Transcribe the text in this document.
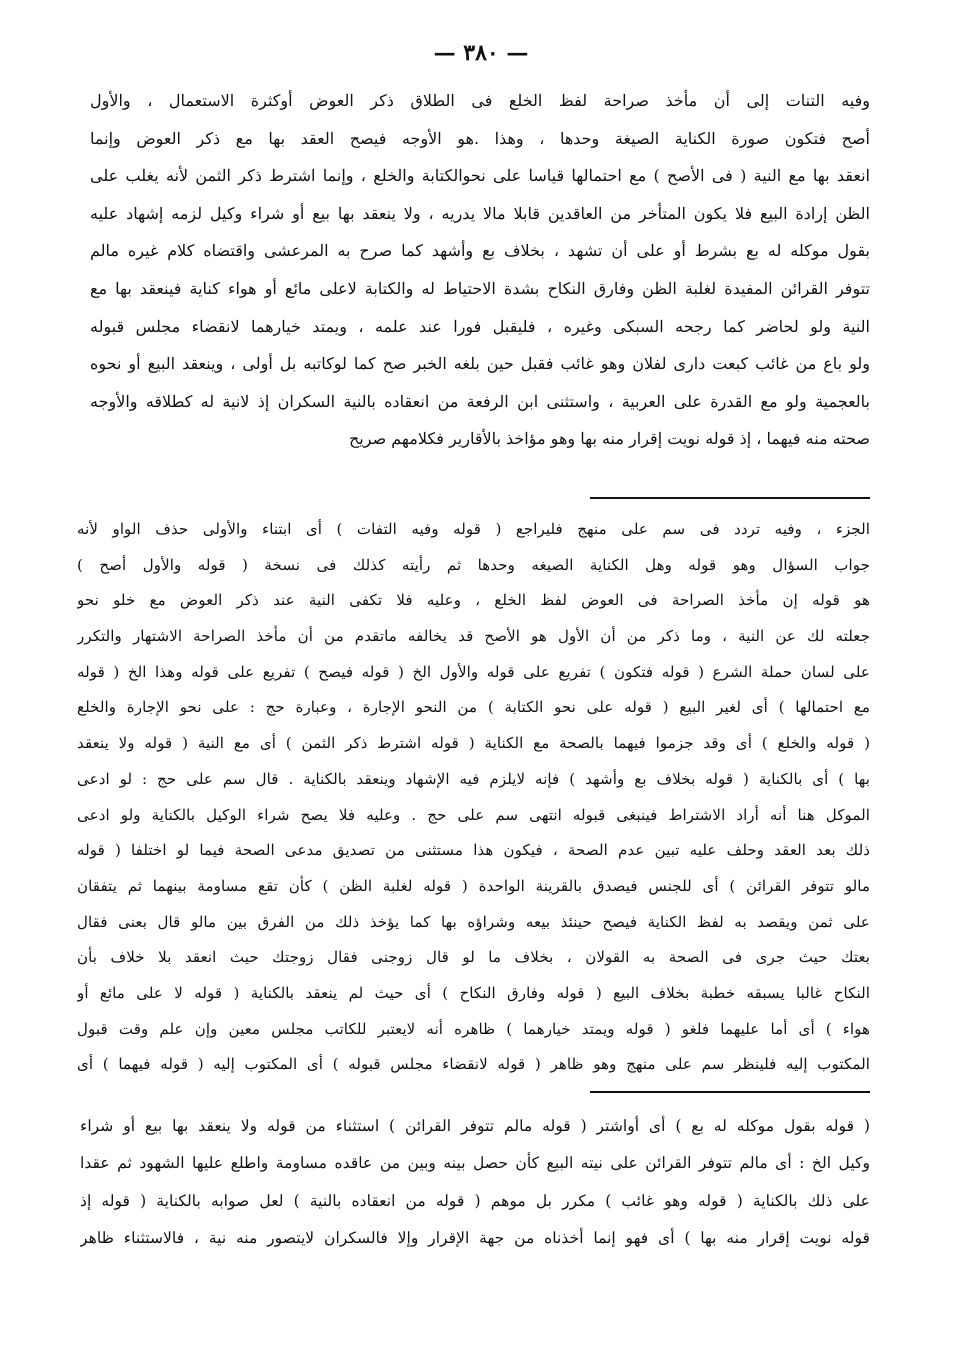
— ٣٨٠ —
وفيه التنات إلى أن مأخذ صراحة لفظ الخلع فى الطلاق ذكر العوض أوكثرة الاستعمال ، والأول
أصح فتكون صورة الكناية الصيغة وحدها ، وهذا .هو الأوجه فيصح العقد بها مع ذكر العوض وإنما
انعقد بها مع النية ( فى الأصح ) مع احتمالها قياسا على نحوالكتابة والخلع ، وإنما اشترط ذكر الثمن لأنه يغلب على
الظن إرادة البيع فلا يكون المتأخر من العاقدين قابلا مالا يدريه ، ولا ينعقد بها بيع أو شراء وكيل لزمه إشهاد عليه
بقول موكله له بع بشرط أو على أن تشهد ، بخلاف بع وأشهد كما صرح به المرعشى واقتضاه كلام غيره مالم
تتوفر القرائن المفيدة لغلبة الظن وفارق النكاح بشدة الاحتياط له والكتابة لاعلى مائع أو هواء كناية فينعقد بها مع
النية ولو لحاضر كما رجحه السبكى وغيره ، فليقبل فورا عند علمه ، ويمتد خيارهما لانقضاء مجلس قبوله
ولو باع من غائب كبعت دارى لفلان وهو غائب فقبل حين بلغه الخبر صح كما لوكاتبه بل أولى ، وينعقد البيع أو نحوه
بالعجمية ولو مع القدرة على العربية ، واستثنى ابن الرفعة من انعقاده بالنية السكران إذ لانية له كطلاقه والأوجه
صحته منه فيهما ، إذ قوله نويت إقرار منه بها وهو مؤاخذ بالأقارير فكلامهم صريح
الجزء ، وفيه تردد فى سم على منهج فليراجع ( قوله وفيه التفات ) أى ابتناء والأولى حذف الواو لأنه
جواب السؤال وهو قوله وهل الكناية الصيغه وحدها ثم رأيته كذلك فى نسخة ( قوله والأول أصح )
هو قوله إن مأخذ الصراحة فى العوض لفظ الخلع ، وعليه فلا تكفى النية عند ذكر العوض مع خلو نحو
جعلته لك عن النية ، وما ذكر من أن الأول هو الأصح قد يخالفه ماتقدم من أن مأخذ الصراحة الاشتهار والتكرر
على لسان حملة الشرع ( قوله فتكون ) تفريع على قوله والأول الخ ( قوله فيصح ) تفريع على قوله وهذا الخ ( قوله
مع احتمالها ) أى لغير البيع ( قوله على نحو الكتابة ) من النحو الإجارة ، وعبارة حج : على نحو الإجارة والخلع
( قوله والخلع ) أى وقد جزموا فيهما بالصحة مع الكناية ( قوله اشترط ذكر الثمن ) أى مع النية ( قوله ولا ينعقد
بها ) أى بالكناية ( قوله بخلاف بع وأشهد ) فإنه لايلزم فيه الإشهاد وينعقد بالكناية . قال سم على حج : لو ادعى
الموكل هنا أنه أراد الاشتراط فينبغى قبوله انتهى سم على حج . وعليه فلا يصح شراء الوكيل بالكناية ولو ادعى
ذلك بعد العقد وحلف عليه تبين عدم الصحة ، فيكون هذا مستثنى من تصديق مدعى الصحة فيما لو اختلفا ( قوله
مالو تتوفر القرائن ) أى للجنس فيصدق بالقرينة الواحدة ( قوله لغلبة الظن ) كأن تقع مساومة بينهما ثم يتفقان
على ثمن ويقصد به لفظ الكناية فيصح حينئذ بيعه وشراؤه بها كما يؤخذ ذلك من الفرق بين مالو قال بعنى فقال
بعتك حيث جرى فى الصحة به القولان ، بخلاف ما لو قال زوجنى فقال زوجتك حيث انعقد بلا خلاف بأن
النكاح غالبا يسبقه خطبة بخلاف البيع ( قوله وفارق النكاح ) أى حيث لم ينعقد بالكناية ( قوله لا على مائع أو
هواء ) أى أما عليهما فلغو ( قوله ويمتد خيارهما ) ظاهره أنه لايعتبر للكاتب مجلس معين وإن علم وقت قبول
المكتوب إليه فلينظر سم على منهج وهو ظاهر ( قوله لانقضاء مجلس قبوله ) أى المكتوب إليه ( قوله فيهما ) أى
( قوله بقول موكله له بع ) أى أواشتر ( قوله مالم تتوفر القرائن ) استثناء من قوله ولا ينعقد بها بيع أو شراء
وكيل الخ : أى مالم تتوفر القرائن على نيته البيع كأن حصل بينه وبين من عاقده مساومة واطلع عليها الشهود ثم عقدا
على ذلك بالكناية ( قوله وهو غائب ) مكرر بل موهم ( قوله من انعقاده بالنية ) لعل صوابه بالكناية ( قوله إذ
قوله نويت إقرار منه بها ) أى فهو إنما أخذناه من جهة الإقرار وإلا فالسكران لايتصور منه نية ، فالاستثناء ظاهر
